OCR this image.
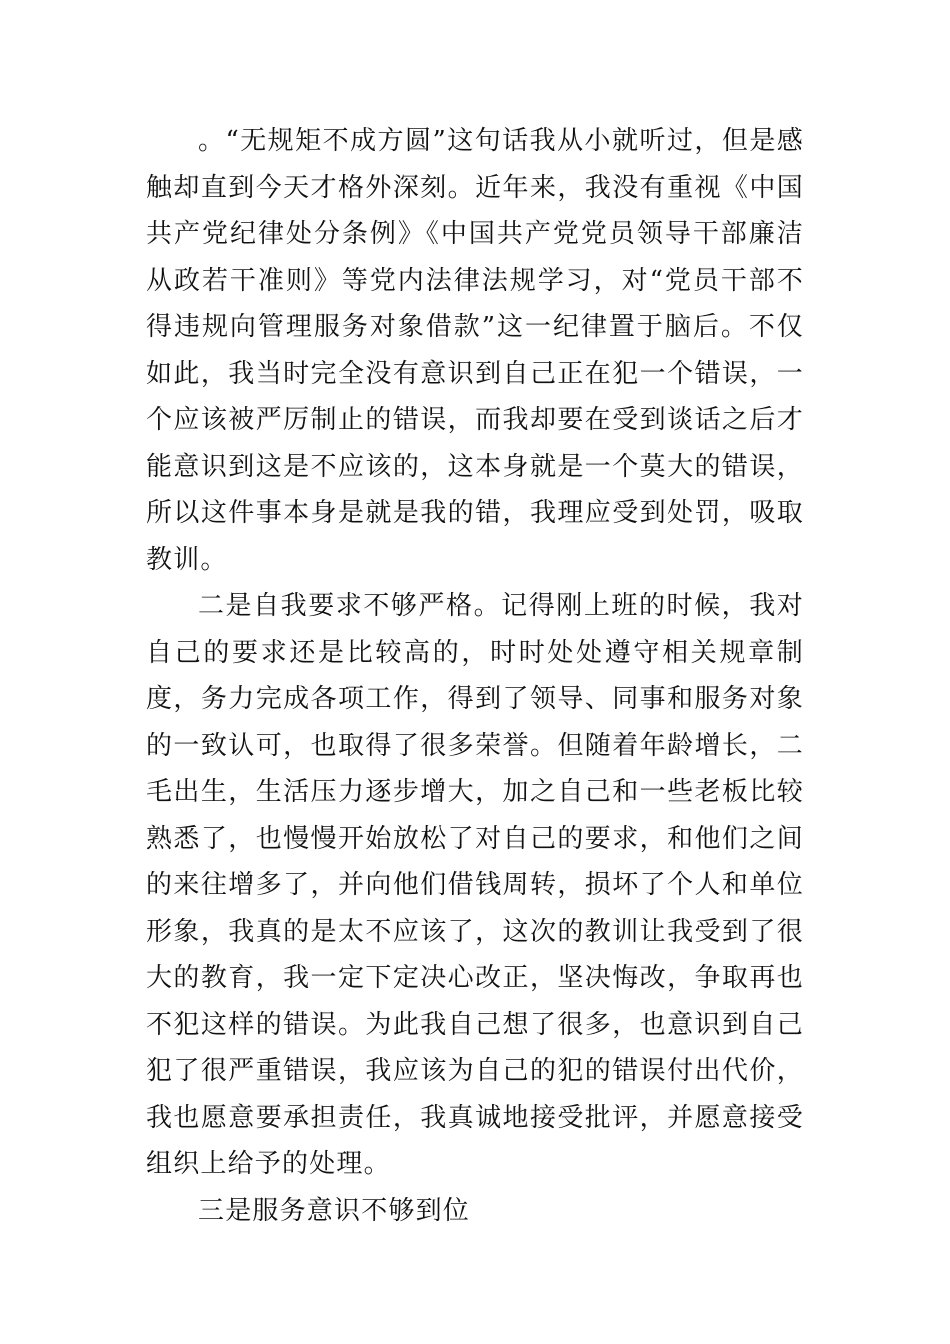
。“无规矩不成方圆”这句话我从小就听过，但是感触却直到今天才格外深刻。近年来，我没有重视《中国共产党纪律处分条例》《中国共产党党员领导干部廉洁从政若干准则》等党内法律法规学习，对“党员干部不得违规向管理服务对象借款”这一纪律置于脑后。不仅如此，我当时完全没有意识到自己正在犯一个错误，一个应该被严厉制止的错误，而我却要在受到谈话之后才能意识到这是不应该的，这本身就是一个莫大的错误，所以这件事本身是就是我的错，我理应受到处罚，吸取教训。

二是自我要求不够严格。记得刚上班的时候，我对自己的要求还是比较高的，时时处处遵守相关规章制度，务力完成各项工作，得到了领导、同事和服务对象的一致认可，也取得了很多荣誉。但随着年龄增长，二毛出生，生活压力逐步增大，加之自己和一些老板比较熟悉了，也慢慢开始放松了对自己的要求，和他们之间的来往增多了，并向他们借钱周转，损坏了个人和单位形象，我真的是太不应该了，这次的教训让我受到了很大的教育，我一定下定决心改正，坚决悔改，争取再也不犯这样的错误。为此我自己想了很多，也意识到自己犯了很严重错误，我应该为自己的犯的错误付出代价，我也愿意要承担责任，我真诚地接受批评，并愿意接受组织上给予的处理。

三是服务意识不够到位
